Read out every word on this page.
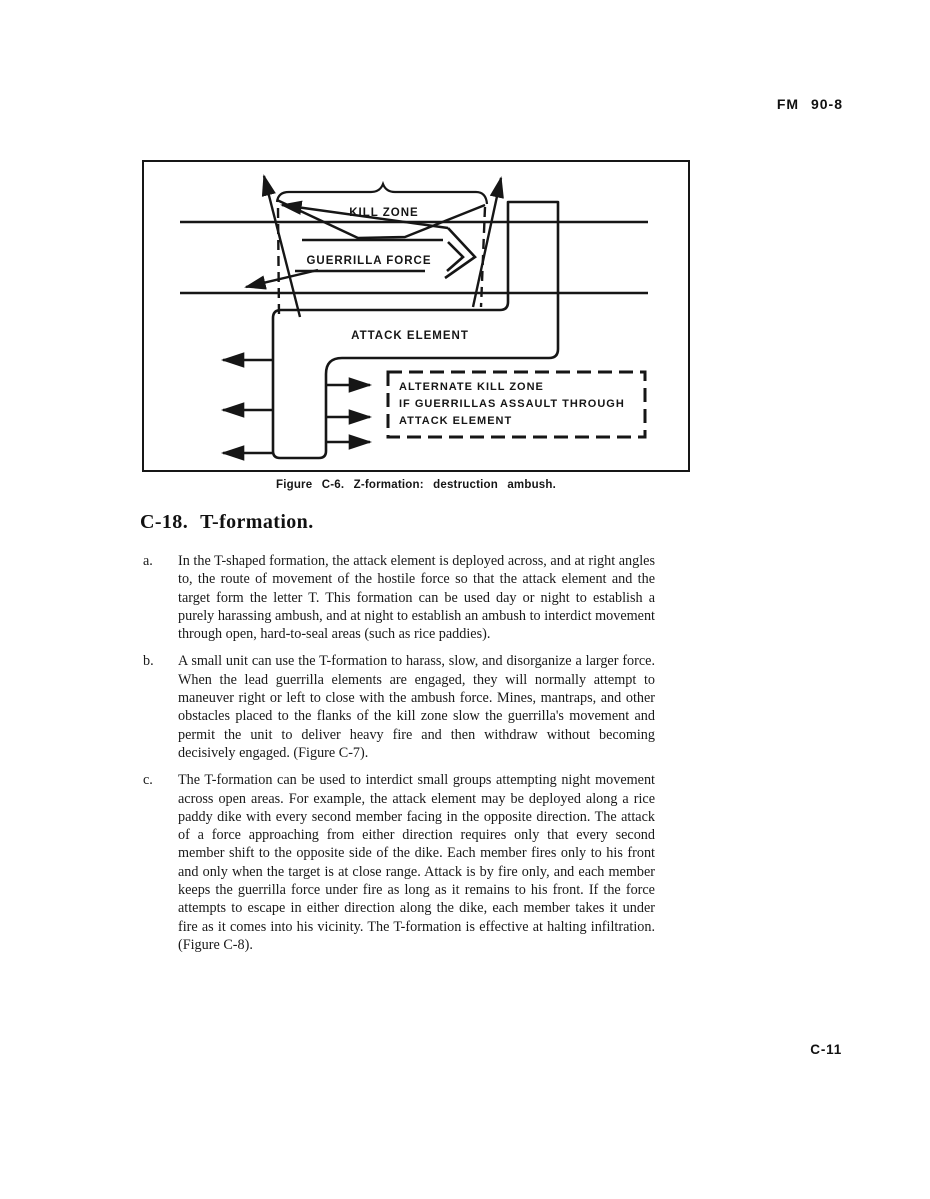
FM 90-8
KILL ZONE
GUERRILLA FORCE
ATTACK ELEMENT
ALTERNATE KILL ZONE
IF GUERRILLAS ASSAULT THROUGH
ATTACK ELEMENT
Figure C-6. Z-formation: destruction ambush.
C-18. T-formation.
a.	In the T-shaped formation, the attack element is deployed across, and at right angles to, the route of movement of the hostile force so that the attack element and the target form the letter T. This formation can be used day or night to establish a purely harassing ambush, and at night to establish an ambush to interdict movement through open, hard-to-seal areas (such as rice paddies).
b.	A small unit can use the T-formation to harass, slow, and disorganize a larger force. When the lead guerrilla elements are engaged, they will normally attempt to maneuver right or left to close with the ambush force. Mines, mantraps, and other obstacles placed to the flanks of the kill zone slow the guerrilla's movement and permit the unit to deliver heavy fire and then withdraw without becoming decisively engaged. (Figure C-7).
c.	The T-formation can be used to interdict small groups attempting night movement across open areas. For example, the attack element may be deployed along a rice paddy dike with every second member facing in the opposite direction. The attack of a force approaching from either direction requires only that every second member shift to the opposite side of the dike. Each member fires only to his front and only when the target is at close range. Attack is by fire only, and each member keeps the guerrilla force under fire as long as it remains to his front. If the force attempts to escape in either direction along the dike, each member takes it under fire as it comes into his vicinity. The T-formation is effective at halting infiltration. (Figure C-8).
C-11
